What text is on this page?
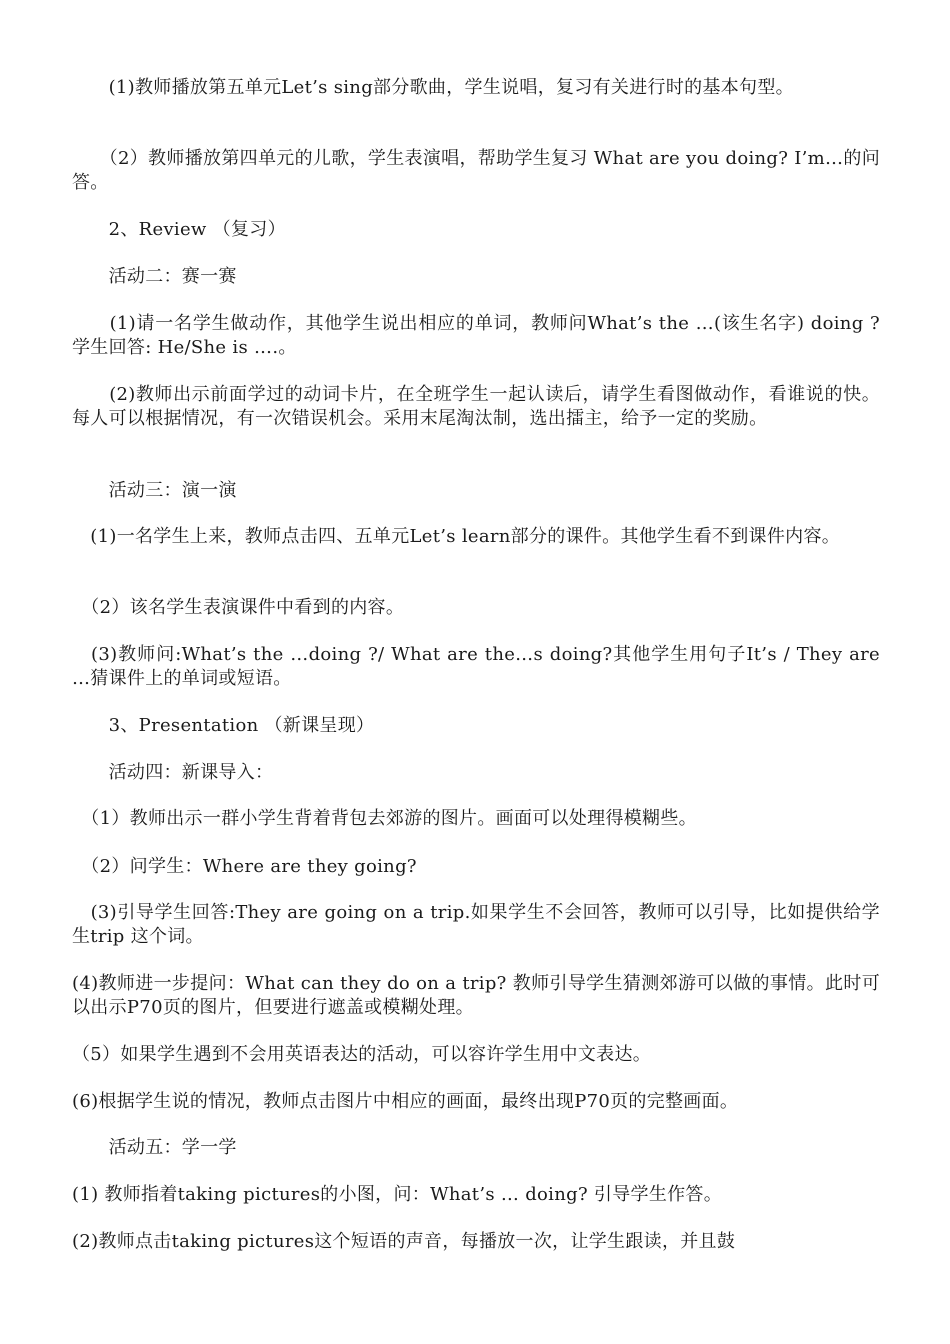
　　(1)教师播放第五单元Let’s sing部分歌曲，学生说唱，复习有关进行时的基本句型。

　　（2）教师播放第四单元的儿歌，学生表演唱，帮助学生复习 What are you doing? I’m…的问答。

　　2、Review （复习）

　　活动二：赛一赛

　　(1)请一名学生做动作，其他学生说出相应的单词，教师问What’s the …(该生名字) doing ? 学生回答: He/She is ….。

　　(2)教师出示前面学过的动词卡片，在全班学生一起认读后，请学生看图做动作，看谁说的快。每人可以根据情况，有一次错误机会。采用末尾淘汰制，选出擂主，给予一定的奖励。

　　活动三：演一演

　(1)一名学生上来，教师点击四、五单元Let’s learn部分的课件。其他学生看不到课件内容。

　（2）该名学生表演课件中看到的内容。

　(3)教师问:What’s the …doing ?/ What are the…s doing?其他学生用句子It’s / They are …猜课件上的单词或短语。

　　3、Presentation （新课呈现）

　　活动四：新课导入：

　（1）教师出示一群小学生背着背包去郊游的图片。画面可以处理得模糊些。

　（2）问学生：Where are they going?

　(3)引导学生回答:They are going on a trip.如果学生不会回答，教师可以引导，比如提供给学生trip 这个词。

(4)教师进一步提问：What can they do on a trip? 教师引导学生猜测郊游可以做的事情。此时可以出示P70页的图片，但要进行遮盖或模糊处理。

（5）如果学生遇到不会用英语表达的活动，可以容许学生用中文表达。

(6)根据学生说的情况，教师点击图片中相应的画面，最终出现P70页的完整画面。

　　活动五：学一学

(1) 教师指着taking pictures的小图，问：What’s … doing? 引导学生作答。

(2)教师点击taking pictures这个短语的声音，每播放一次，让学生跟读，并且鼓
